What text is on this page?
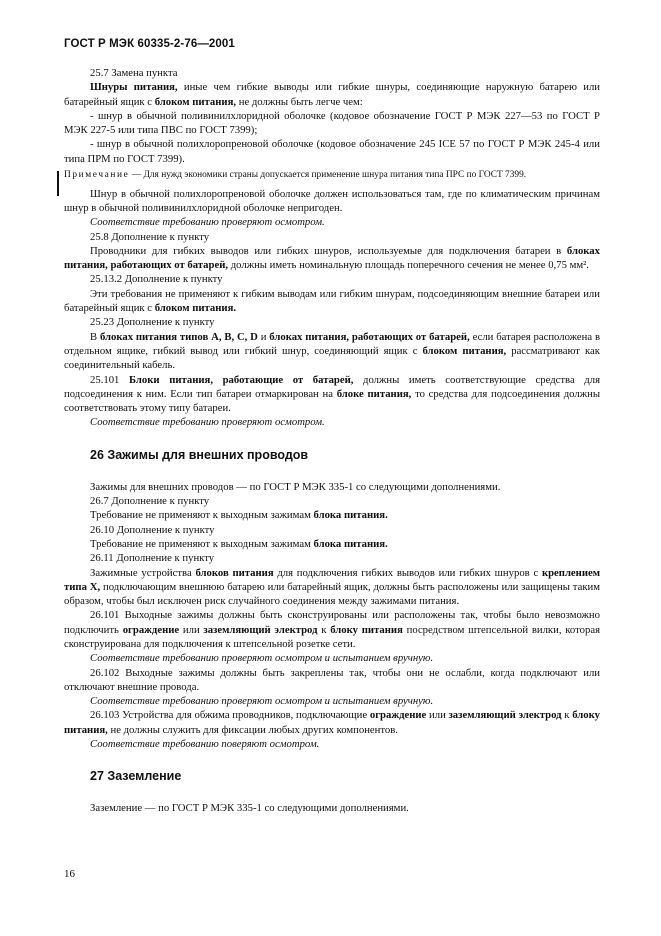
ГОСТ Р МЭК 60335-2-76—2001

25.7 Замена пункта

Шнуры питания, иные чем гибкие выводы или гибкие шнуры, соединяющие наружную батарею или батарейный ящик с блоком питания, не должны быть легче чем:

- шнур в обычной поливинилхлоридной оболочке (кодовое обозначение ГОСТ Р МЭК 227—53 по ГОСТ Р МЭК 227-5 или типа ПВС по ГОСТ 7399);

- шнур в обычной полихлоропреновой оболочке (кодовое обозначение 245 ICE 57 по ГОСТ Р МЭК 245-4 или типа ПРМ по ГОСТ 7399).

Примечание — Для нужд экономики страны допускается применение шнура питания типа ПРС по ГОСТ 7399.

Шнур в обычной полихлоропреновой оболочке должен использоваться там, где по климатическим причинам шнур в обычной поливинилхлоридной оболочке непригоден.

Соответствие требованию проверяют осмотром.

25.8 Дополнение к пункту

Проводники для гибких выводов или гибких шнуров, используемые для подключения батареи в блоках питания, работающих от батарей, должны иметь номинальную площадь поперечного сечения не менее 0,75 мм².

25.13.2 Дополнение к пункту

Эти требования не применяют к гибким выводам или гибким шнурам, подсоединяющим внешние батареи или батарейный ящик с блоком питания.

25.23 Дополнение к пункту

В блоках питания типов А, В, С, D и блоках питания, работающих от батарей, если батарея расположена в отдельном ящике, гибкий вывод или гибкий шнур, соединяющий ящик с блоком питания, рассматривают как соединительный кабель.

25.101 Блоки питания, работающие от батарей, должны иметь соответствующие средства для подсоединения к ним. Если тип батареи отмаркирован на блоке питания, то средства для подсоединения должны соответствовать этому типу батареи.

Соответствие требованию проверяют осмотром.

26 Зажимы для внешних проводов

Зажимы для внешних проводов — по ГОСТ Р МЭК 335-1 со следующими дополнениями.

26.7 Дополнение к пункту

Требование не применяют к выходным зажимам блока питания.

26.10 Дополнение к пункту

Требование не применяют к выходным зажимам блока питания.

26.11 Дополнение к пункту

Зажимные устройства блоков питания для подключения гибких выводов или гибких шнуров с креплением типа X, подключающим внешнюю батарею или батарейный ящик, должны быть расположены или защищены таким образом, чтобы был исключен риск случайного соединения между зажимами питания.

26.101 Выходные зажимы должны быть сконструированы или расположены так, чтобы было невозможно подключить ограждение или заземляющий электрод к блоку питания посредством штепсельной вилки, которая сконструирована для подключения к штепсельной розетке сети.

Соответствие требованию проверяют осмотром и испытанием вручную.

26.102 Выходные зажимы должны быть закреплены так, чтобы они не ослабли, когда подключают или отключают внешние провода.

Соответствие требованию проверяют осмотром и испытанием вручную.

26.103 Устройства для обжима проводников, подключающие ограждение или заземляющий электрод к блоку питания, не должны служить для фиксации любых других компонентов.

Соответствие требованию поверяют осмотром.

27 Заземление

Заземление — по ГОСТ Р МЭК 335-1 со следующими дополнениями.

16
